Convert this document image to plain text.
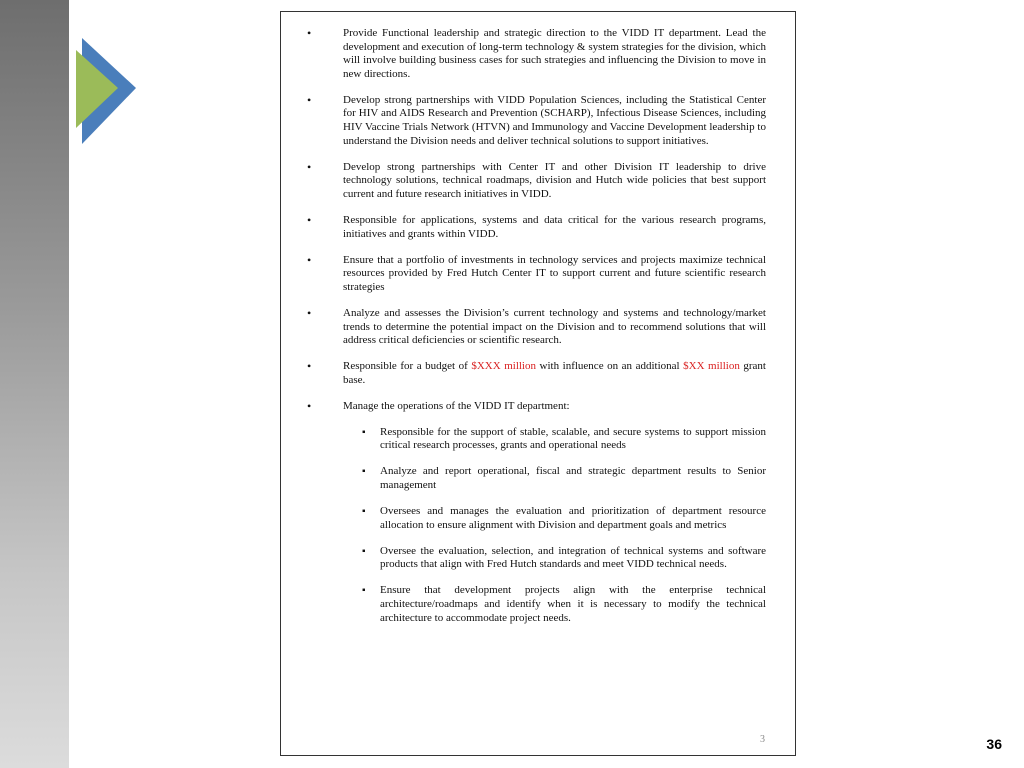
• Provide Functional leadership and strategic direction to the VIDD IT department. Lead the development and execution of long-term technology & system strategies for the division, which will involve building business cases for such strategies and influencing the Division to move in new directions.
• Develop strong partnerships with VIDD Population Sciences, including the Statistical Center for HIV and AIDS Research and Prevention (SCHARP), Infectious Disease Sciences, including HIV Vaccine Trials Network (HTVN) and Immunology and Vaccine Development leadership to understand the Division needs and deliver technical solutions to support initiatives.
• Develop strong partnerships with Center IT and other Division IT leadership to drive technology solutions, technical roadmaps, division and Hutch wide policies that best support current and future research initiatives in VIDD.
• Responsible for applications, systems and data critical for the various research programs, initiatives and grants within VIDD.
• Ensure that a portfolio of investments in technology services and projects maximize technical resources provided by Fred Hutch Center IT to support current and future scientific research strategies
• Analyze and assesses the Division’s current technology and systems and technology/market trends to determine the potential impact on the Division and to recommend solutions that will address critical deficiencies or scientific research.
• Responsible for a budget of $XXX million with influence on an additional $XX million grant base.
• Manage the operations of the VIDD IT department:
▪ Responsible for the support of stable, scalable, and secure systems to support mission critical research processes, grants and operational needs
▪ Analyze and report operational, fiscal and strategic department results to Senior management
▪ Oversees and manages the evaluation and prioritization of department resource allocation to ensure alignment with Division and department goals and metrics
▪ Oversee the evaluation, selection, and integration of technical systems and software products that align with Fred Hutch standards and meet VIDD technical needs.
▪ Ensure that development projects align with the enterprise technical architecture/roadmaps and identify when it is necessary to modify the technical architecture to accommodate project needs.
3	36
